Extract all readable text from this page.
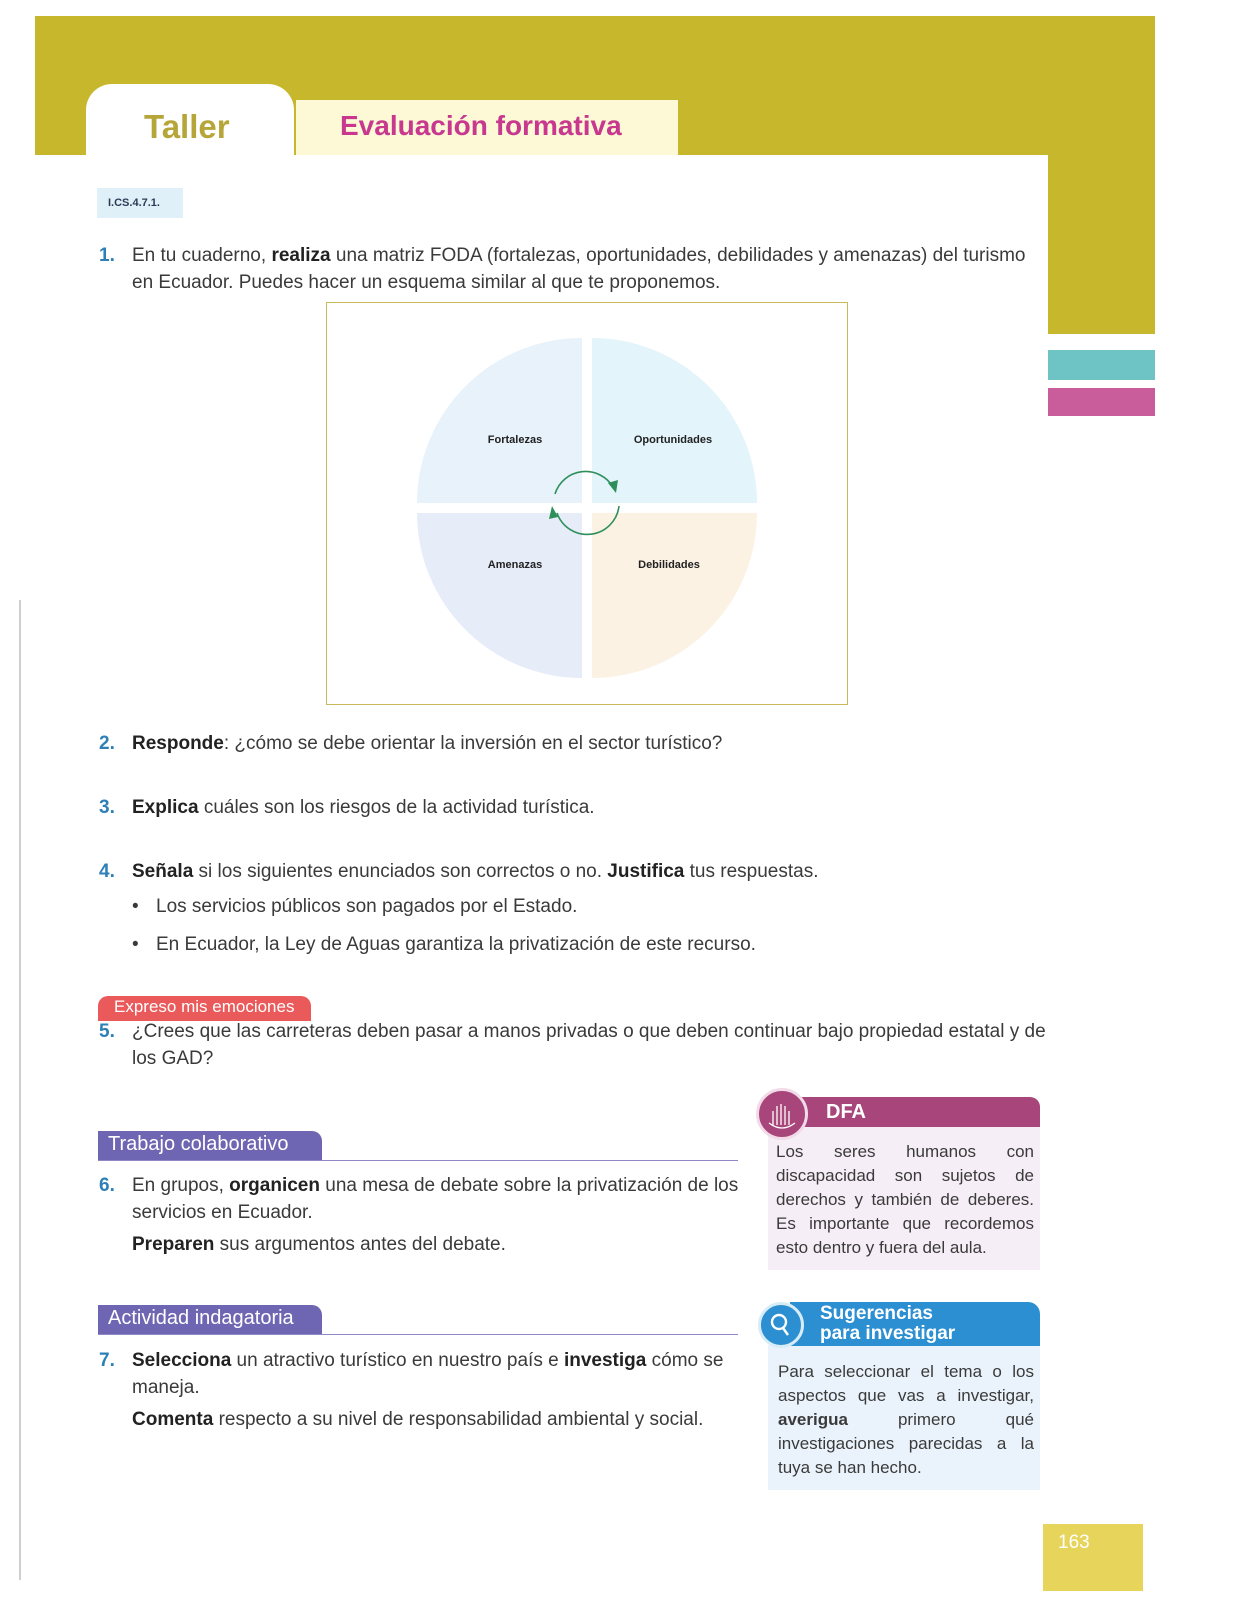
Taller	Evaluación formativa
I.CS.4.7.1.
1. En tu cuaderno, realiza una matriz FODA (fortalezas, oportunidades, debilidades y amenazas) del turismo en Ecuador. Puedes hacer un esquema similar al que te proponemos.
Fortalezas	Oportunidades
Amenazas	Debilidades
2. Responde: ¿cómo se debe orientar la inversión en el sector turístico?
3. Explica cuáles son los riesgos de la actividad turística.
4. Señala si los siguientes enunciados son correctos o no. Justifica tus respuestas.
• Los servicios públicos son pagados por el Estado.
• En Ecuador, la Ley de Aguas garantiza la privatización de este recurso.
Expreso mis emociones
5. ¿Crees que las carreteras deben pasar a manos privadas o que deben continuar bajo propiedad estatal y de los GAD?
Trabajo colaborativo
6. En grupos, organicen una mesa de debate sobre la privatización de los servicios en Ecuador.
Preparen sus argumentos antes del debate.
Actividad indagatoria
7. Selecciona un atractivo turístico en nuestro país e investiga cómo se maneja.
Comenta respecto a su nivel de responsabilidad ambiental y social.
DFA
Los seres humanos con discapacidad son sujetos de derechos y también de deberes. Es importante que recordemos esto dentro y fuera del aula.
Sugerencias
para investigar
Para seleccionar el tema o los aspectos que vas a investigar, averigua primero qué investigaciones parecidas a la tuya se han hecho.
163
